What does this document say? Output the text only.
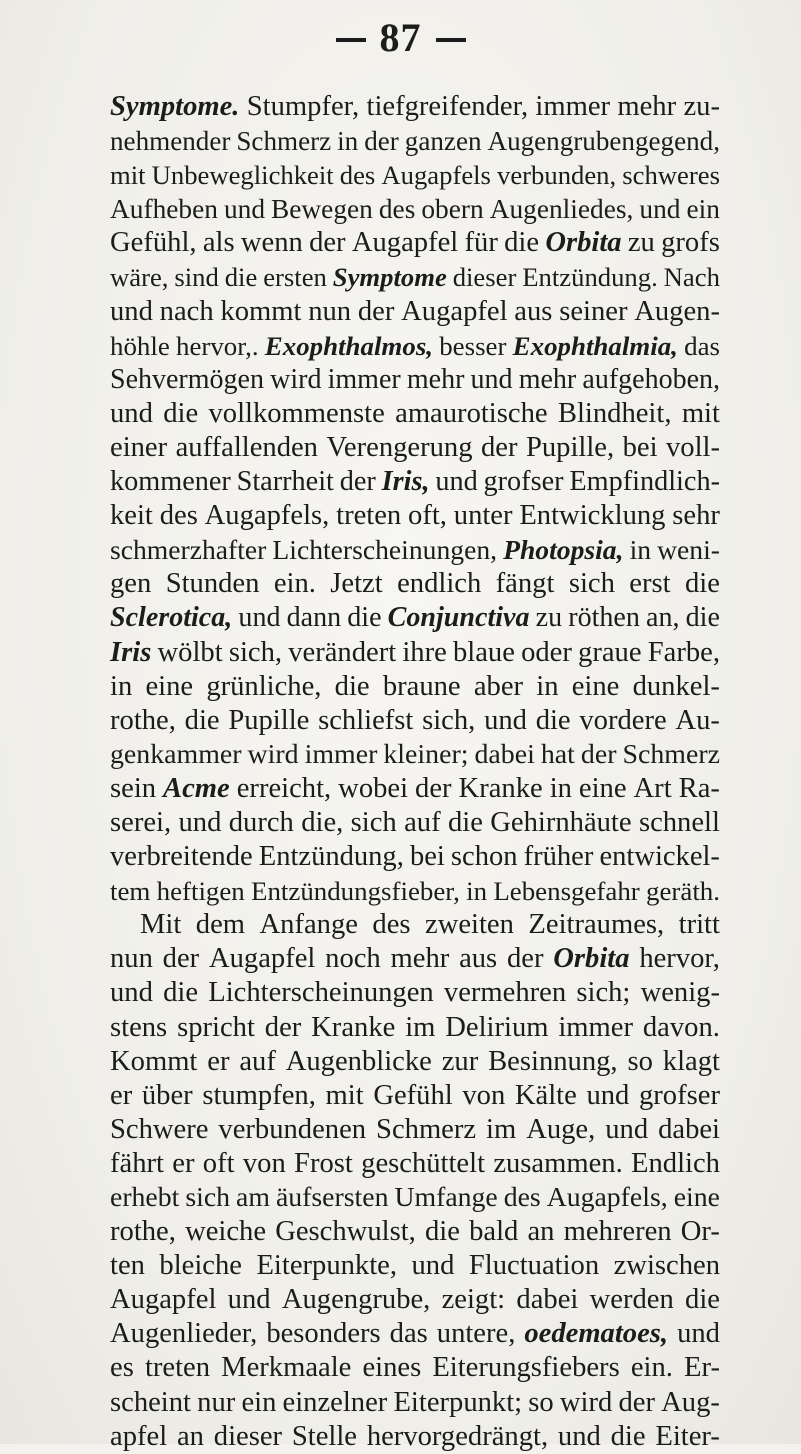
87
Symptome. Stumpfer, tiefgreifender, immer mehr zu-
nehmender Schmerz in der ganzen Augengrubengegend,
mit Unbeweglichkeit des Augapfels verbunden, schweres
Aufheben und Bewegen des obern Augenliedes, und ein
Gefühl, als wenn der Augapfel für die Orbita zu grofs
wäre, sind die ersten Symptome dieser Entzündung. Nach
und nach kommt nun der Augapfel aus seiner Augen-
höhle hervor,. Exophthalmos, besser Exophthalmia, das
Sehvermögen wird immer mehr und mehr aufgehoben,
und die vollkommenste amaurotische Blindheit, mit
einer auffallenden Verengerung der Pupille, bei voll-
kommener Starrheit der Iris, und grofser Empfindlich-
keit des Augapfels, treten oft, unter Entwicklung sehr
schmerzhafter Lichterscheinungen, Photopsia, in weni-
gen Stunden ein. Jetzt endlich fängt sich erst die
Sclerotica, und dann die Conjunctiva zu röthen an, die
Iris wölbt sich, verändert ihre blaue oder graue Farbe,
in eine grünliche, die braune aber in eine dunkel-
rothe, die Pupille schliefst sich, und die vordere Au-
genkammer wird immer kleiner; dabei hat der Schmerz
sein Acme erreicht, wobei der Kranke in eine Art Ra-
serei, und durch die, sich auf die Gehirnhäute schnell
verbreitende Entzündung, bei schon früher entwickel-
tem heftigen Entzündungsfieber, in Lebensgefahr geräth.
Mit dem Anfange des zweiten Zeitraumes, tritt
nun der Augapfel noch mehr aus der Orbita hervor,
und die Lichterscheinungen vermehren sich; wenig-
stens spricht der Kranke im Delirium immer davon.
Kommt er auf Augenblicke zur Besinnung, so klagt
er über stumpfen, mit Gefühl von Kälte und grofser
Schwere verbundenen Schmerz im Auge, und dabei
fährt er oft von Frost geschüttelt zusammen. Endlich
erhebt sich am äufsersten Umfange des Augapfels, eine
rothe, weiche Geschwulst, die bald an mehreren Or-
ten bleiche Eiterpunkte, und Fluctuation zwischen
Augapfel und Augengrube, zeigt: dabei werden die
Augenlieder, besonders das untere, oedematoes, und
es treten Merkmaale eines Eiterungsfiebers ein. Er-
scheint nur ein einzelner Eiterpunkt; so wird der Aug-
apfel an dieser Stelle hervorgedrängt, und die Eiter-
